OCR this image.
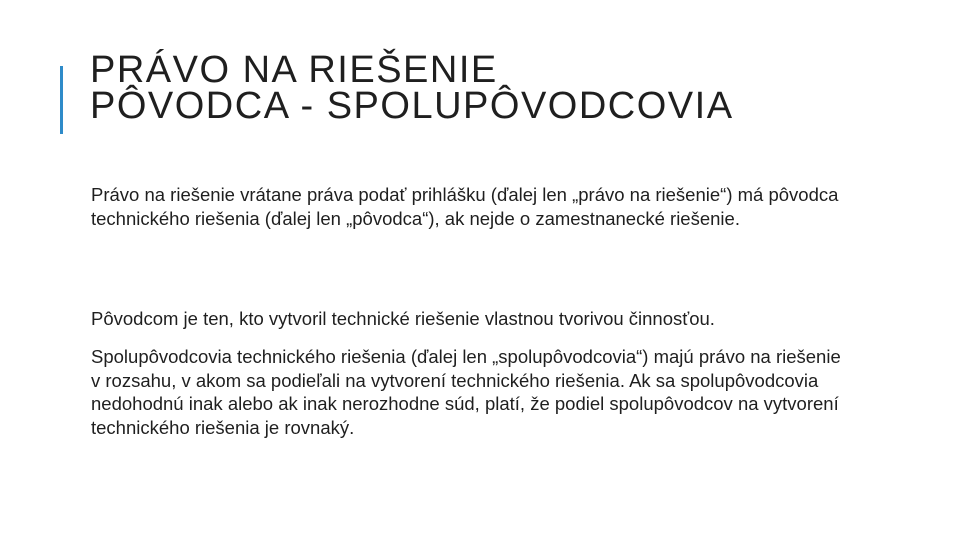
PRÁVO NA RIEŠENIE
PÔVODCA - SPOLUPÔVODCOVIA

Právo na riešenie vrátane práva podať prihlášku (ďalej len „právo na riešenie“) má pôvodca technického riešenia (ďalej len „pôvodca“), ak nejde o zamestnanecké riešenie.

Pôvodcom je ten, kto vytvoril technické riešenie vlastnou tvorivou činnosťou.

Spolupôvodcovia technického riešenia (ďalej len „spolupôvodcovia“) majú právo na riešenie v rozsahu, v akom sa podieľali na vytvorení technického riešenia. Ak sa spolupôvodcovia nedohodnú inak alebo ak inak nerozhodne súd, platí, že podiel spolupôvodcov na vytvorení technického riešenia je rovnaký.
